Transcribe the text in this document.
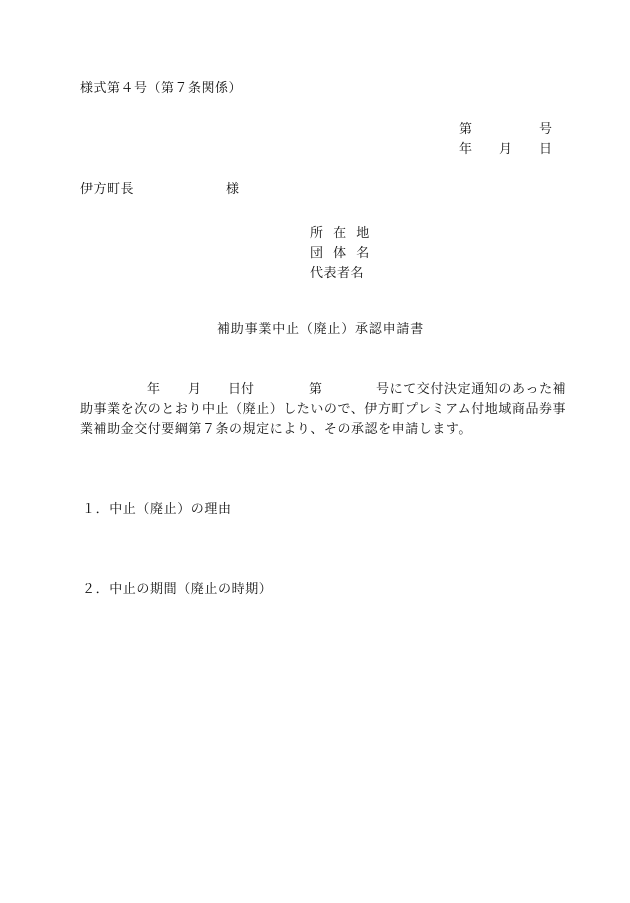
様式第４号（第７条関係）
第	号
年 月 日
伊方町長	様
所 在 地
団 体 名
代表者名
補助事業中止（廃止）承認申請書
年 月 日付	第	号にて交付決定通知のあった補
助事業を次のとおり中止（廃止）したいので、伊方町プレミアム付地域商品券事
業補助金交付要綱第７条の規定により、その承認を申請します。
１．中止（廃止）の理由
２．中止の期間（廃止の時期）
